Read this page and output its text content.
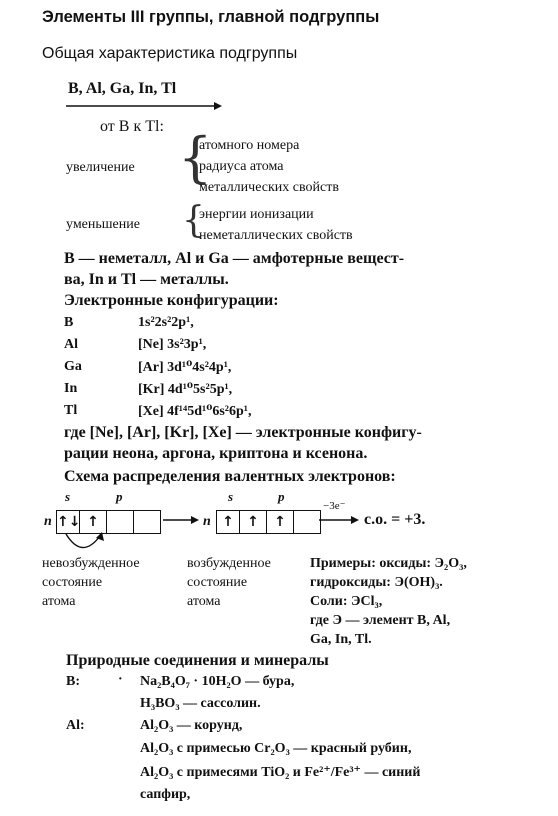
Элементы III группы, главной подгруппы
Общая характеристика подгруппы
B, Al, Ga, In, Tl
от B к Tl:
увеличение {
атомного номера
радиуса атома
металлических свойств
уменьшение {
энергии ионизации
неметаллических свойств
B — неметалл, Al и Ga — амфотерные вещест-
ва, In и Tl — металлы.
Электронные конфигурации:
B	1s²2s²2p¹,
Al	[Ne] 3s²3p¹,
Ga	[Ar] 3d¹⁰4s²4p¹,
In	[Kr] 4d¹⁰5s²5p¹,
Tl	[Xe] 4f¹⁴5d¹⁰6s²6p¹,
где [Ne], [Ar], [Kr], [Xe] — электронные конфигу-
рации неона, аргона, криптона и ксенона.
Схема распределения валентных электронов:
s	p
n ↑↓ ↑
s	p
n ↑ ↑	↑
−3e⁻
с.о. = +3.
невозбужденное
состояние
атома
возбужденное
состояние
атома
Примеры: оксиды: Э₂O₃,
гидроксиды: Э(OH)₃.
Соли: ЭCl₃,
где Э — элемент B, Al,
Ga, In, Tl.
Природные соединения и минералы
B:	· Na₂B₄O₇ · 10H₂O — бура,
H₃BO₃ — сассолин.
Al:	Al₂O₃ — корунд,
Al₂O₃ с примесью Cr₂O₃ — красный рубин,
Al₂O₃ с примесями TiO₂ и Fe²⁺/Fe³⁺ — синий
сапфир,
